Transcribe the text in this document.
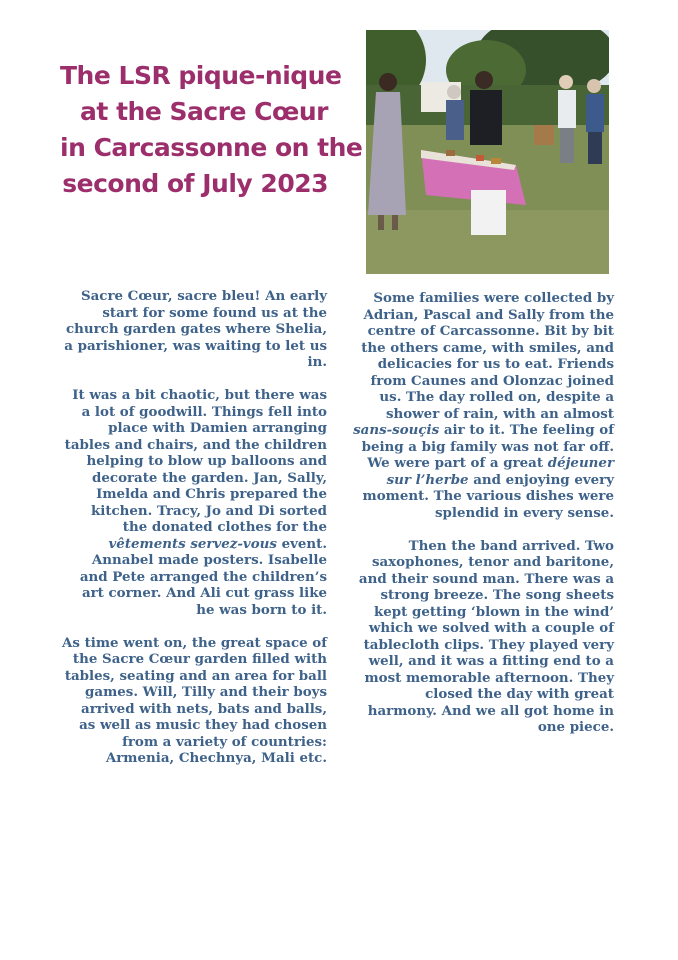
The LSR pique-nique
at the Sacre Cœur
in Carcassonne on the
second of July 2023

Sacre Cœur, sacre bleu! An early start for some found us at the church garden gates where Shelia, a parishioner, was waiting to let us in.

It was a bit chaotic, but there was a lot of goodwill. Things fell into place with Damien arranging tables and chairs, and the children helping to blow up balloons and decorate the garden. Jan, Sally, Imelda and Chris prepared the kitchen. Tracy, Jo and Di sorted the donated clothes for the vêtements servez-vous event. Annabel made posters. Isabelle and Pete arranged the children’s art corner. And Ali cut grass like he was born to it.

As time went on, the great space of the Sacre Cœur garden filled with tables, seating and an area for ball games. Will, Tilly and their boys arrived with nets, bats and balls, as well as music they had chosen from a variety of countries: Armenia, Chechnya, Mali etc.

Some families were collected by Adrian, Pascal and Sally from the centre of Carcassonne. Bit by bit the others came, with smiles, and delicacies for us to eat. Friends from Caunes and Olonzac joined us. The day rolled on, despite a shower of rain, with an almost sans-souçis air to it. The feeling of being a big family was not far off. We were part of a great déjeuner sur l’herbe and enjoying every moment. The various dishes were splendid in every sense.

Then the band arrived. Two saxophones, tenor and baritone, and their sound man. There was a strong breeze. The song sheets kept getting ‘blown in the wind’ which we solved with a couple of tablecloth clips. They played very well, and it was a fitting end to a most memorable afternoon. They closed the day with great harmony. And we all got home in one piece.
